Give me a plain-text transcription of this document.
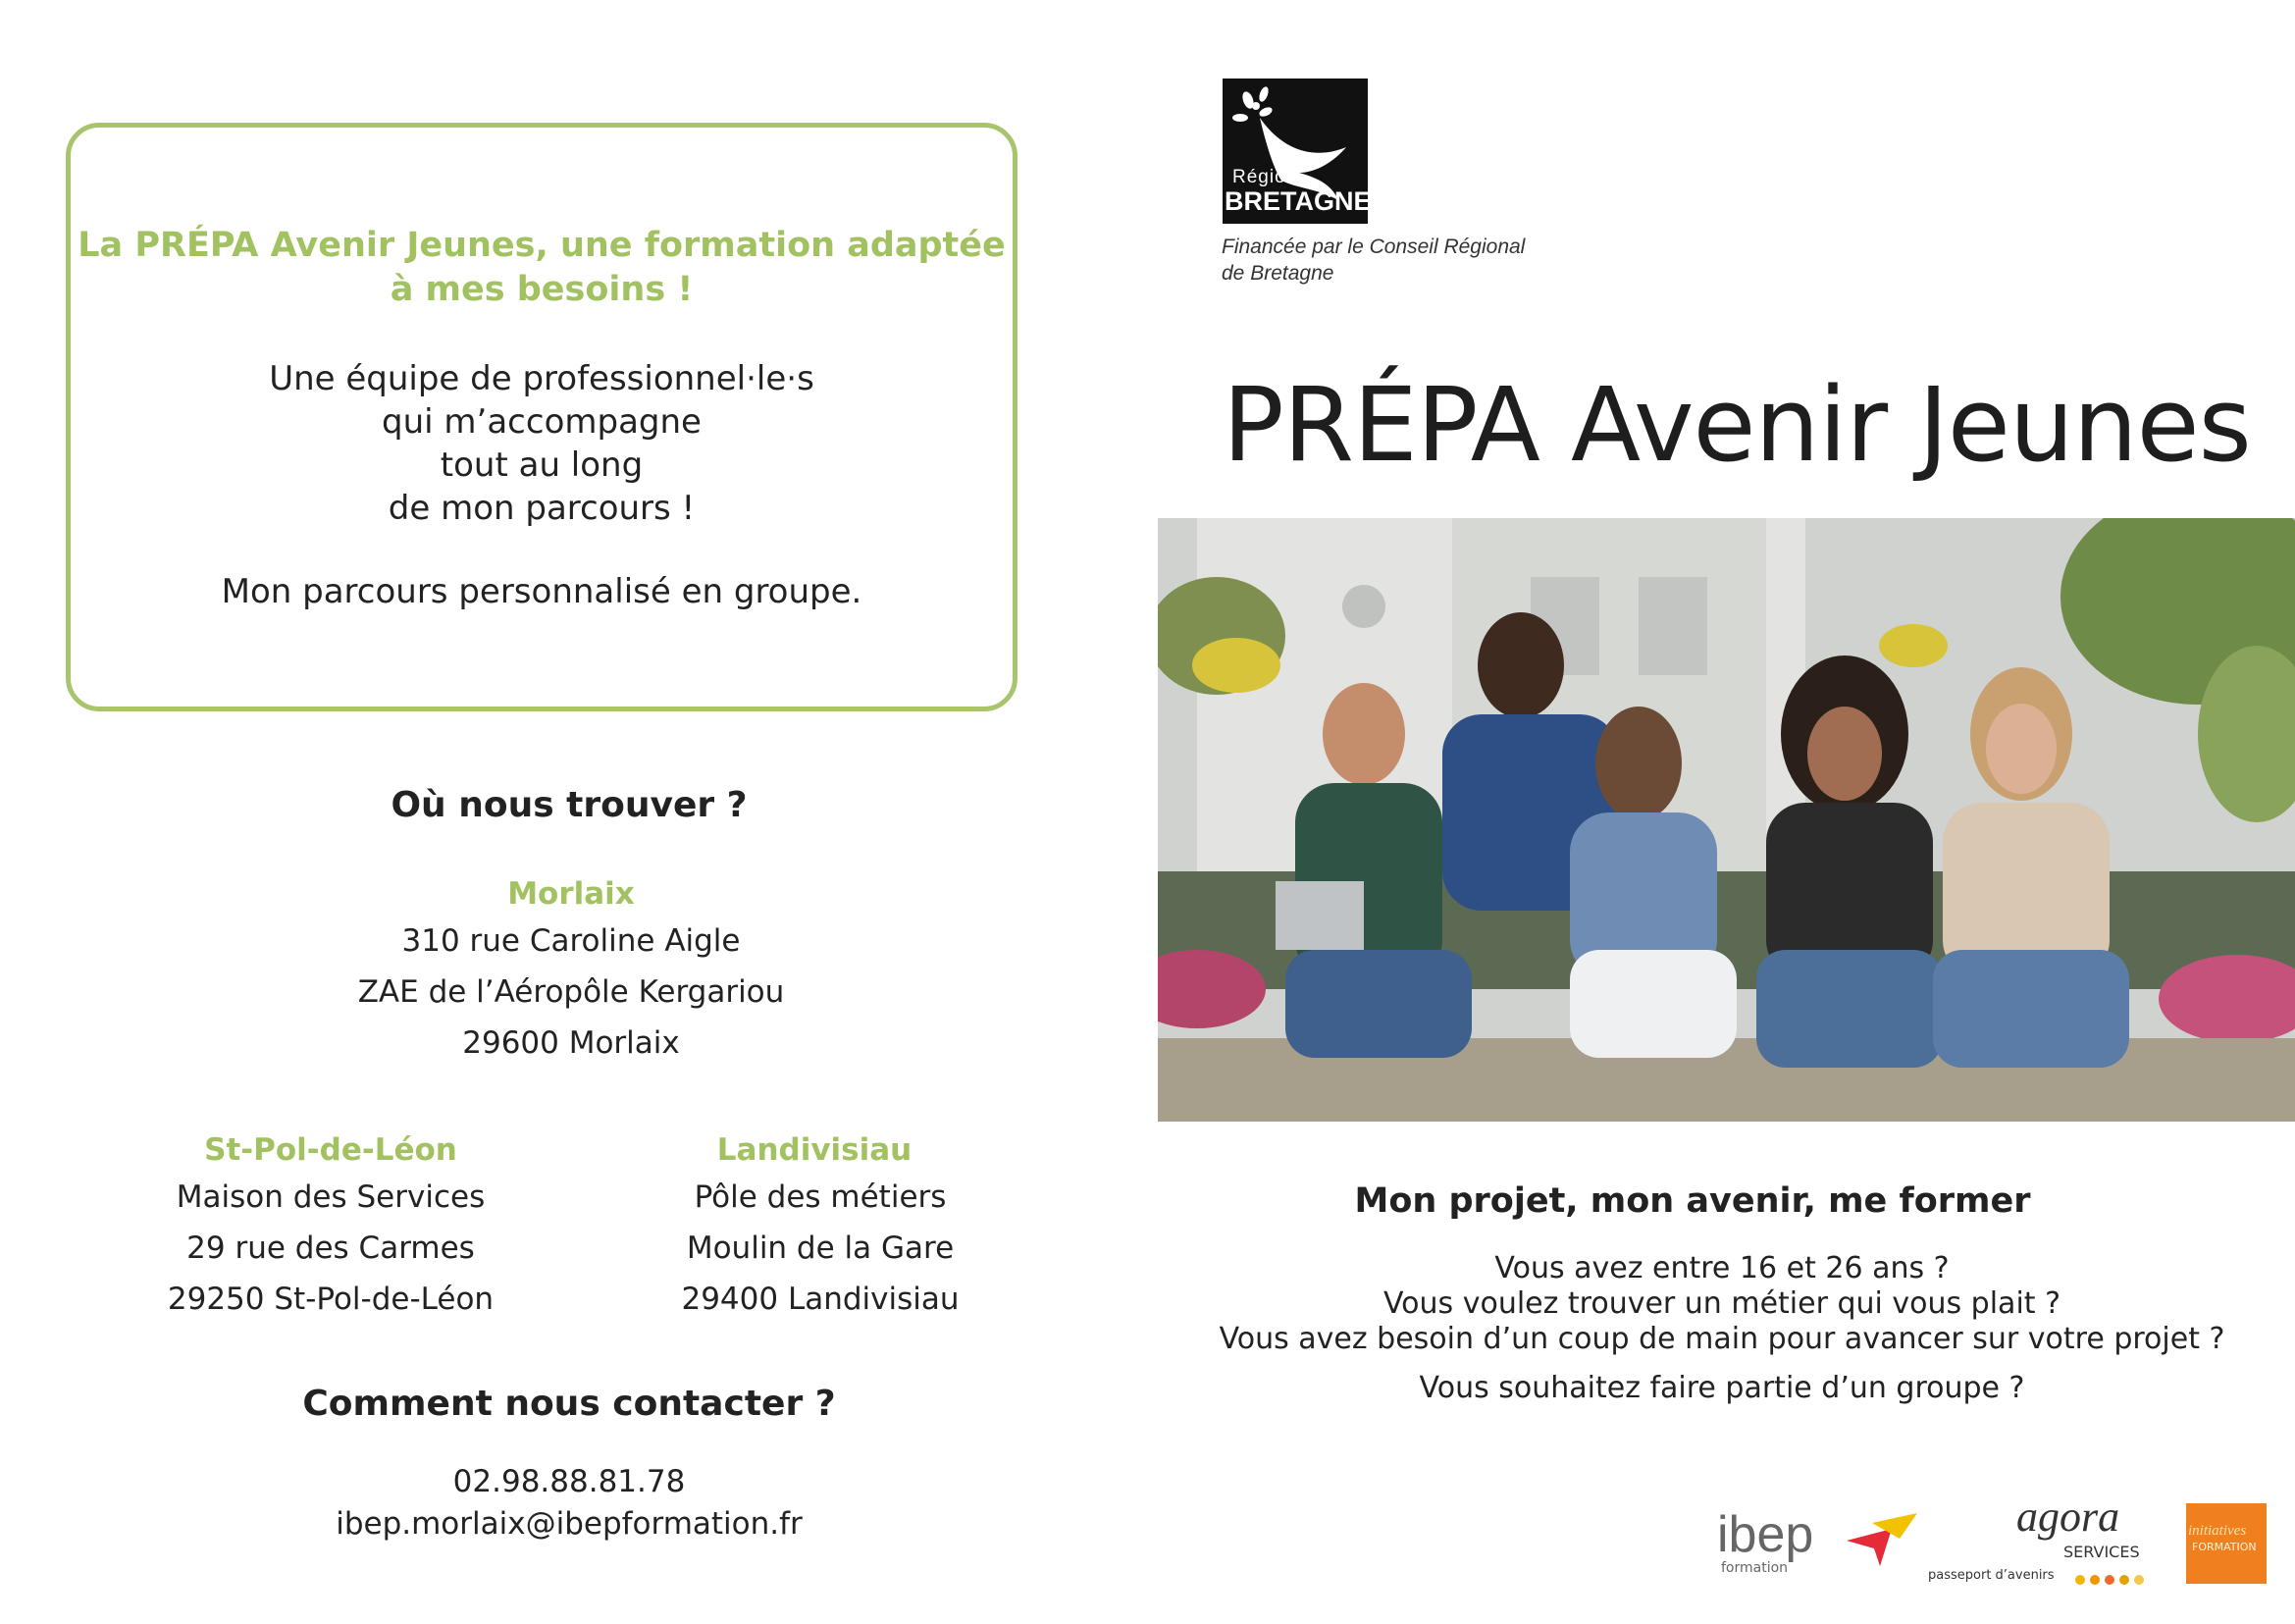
La PRÉPA Avenir Jeunes, une formation adaptée
à mes besoins !
Une équipe de professionnel·le·s
qui m’accompagne
tout au long
de mon parcours !
Mon parcours personnalisé en groupe.
Où nous trouver ?
Morlaix
310 rue Caroline Aigle
ZAE de l’Aéropôle Kergariou
29600 Morlaix
St-Pol-de-Léon
Maison des Services
29 rue des Carmes
29250 St-Pol-de-Léon
Landivisiau
Pôle des métiers
Moulin de la Gare
29400 Landivisiau
Comment nous contacter ?
02.98.88.81.78
ibep.morlaix@ibepformation.fr
Région
BRETAGNE
Financée par le Conseil Régional
de Bretagne
PRÉPA Avenir Jeunes
Mon projet, mon avenir, me former
Vous avez entre 16 et 26 ans ?
Vous voulez trouver un métier qui vous plait ?
Vous avez besoin d’un coup de main pour avancer sur votre projet ?
Vous souhaitez faire partie d’un groupe ?
ibep
formation
agora
SERVICES
passeport d’avenirs

initiatives
FORMATION
